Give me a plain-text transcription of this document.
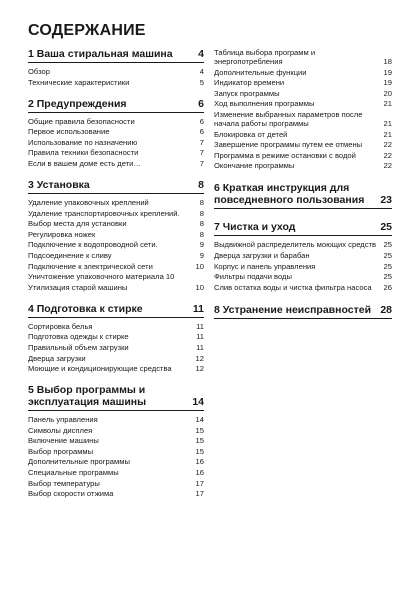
СОДЕРЖАНИЕ
1 Ваша стиральная машина	4
Обзор	4
Технические характеристики	5
2 Предупреждения	6
Общие правила безопасности	6
Первое использование	6
Использование по назначению	7
Правила техники безопасности	7
Если в вашем доме есть дети…	7
3 Установка	8
Удаление упаковочных креплений	8
Удаление транспортировочных креплений.	8
Выбор места для установки	8
Регулировка ножек	8
Подключение к водопроводной сети.	9
Подсоединение к сливу	9
Подключение к электрической сети	10
Уничтожение упаковочного материала 10
Утилизация старой машины	10
4 Подготовка к стирке	11
Сортировка белья	11
Подготовка одежды к стирке	11
Правильный объем загрузки	11
Дверца загрузки	12
Моющие и кондиционирующие средства	12
5 Выбор программы и эксплуатация машины	14
Панель управления	14
Символы дисплея	15
Включение машины	15
Выбор программы	15
Дополнительные программы	16
Специальные программы	16
Выбор температуры	17
Выбор скорости отжима	17
Таблица выбора программ и энергопотребления	18
Дополнительные функции	19
Индикатор времени	19
Запуск программы	20
Ход выполнения программы	21
Изменение выбранных параметров после начала работы программы	21
Блокировка от детей	21
Завершение программы путем ее отмены	22
Программа в режиме остановки с водой	22
Окончание программы	22
6 Краткая инструкция для повседневного пользования	23
7 Чистка и уход	25
Выдвижной распределитель моющих средств 25
Дверца загрузки и барабан	25
Корпус и панель управления	25
Фильтры подачи воды	25
Слив остатка воды и чистка фильтра насоса	26
8 Устранение неисправностей 28
